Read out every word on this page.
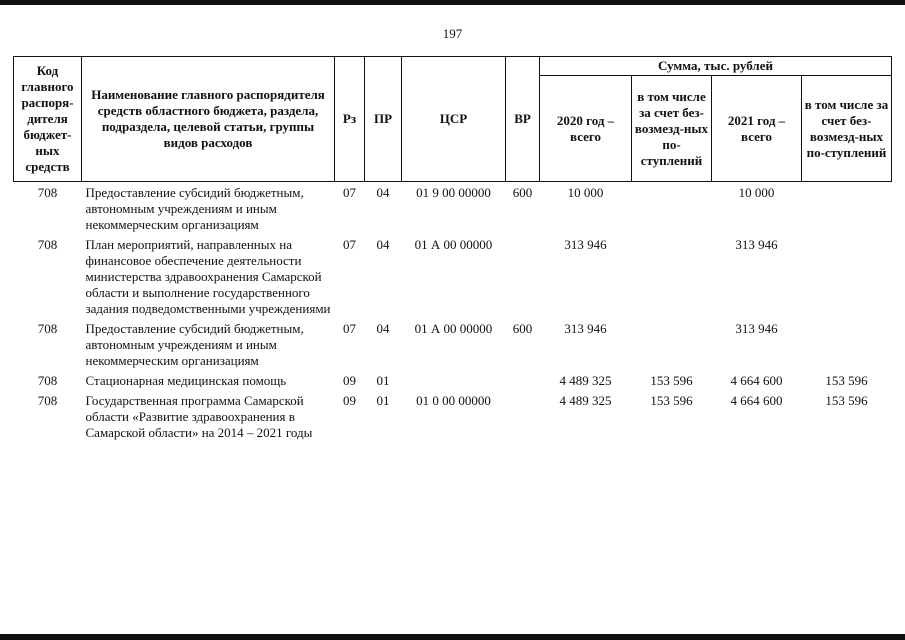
197
Код главного распоря-дителя бюджет-ных средств	Наименование главного распорядителя средств областного бюджета, раздела, подраздела, целевой статьи, группы видов расходов	Рз	ПР	ЦСР	ВР	Сумма, тыс. рублей			
						2020 год – всего	в том числе за счет без-возмезд-ных по-ступлений	2021 год – всего	в том числе за счет без-возмезд-ных по-ступлений
708	Предоставление субсидий бюджетным, автономным учреждениям и иным некоммерческим организациям	07	04	01 9 00 00000	600	10 000		10 000	
708	План мероприятий, направленных на финансовое обеспечение деятельности министерства здравоохранения Самарской области и выполнение государственного задания подведомственными учреждениями	07	04	01 А 00 00000		313 946		313 946	
708	Предоставление субсидий бюджетным, автономным учреждениям и иным некоммерческим организациям	07	04	01 А 00 00000	600	313 946		313 946	
708	Стационарная медицинская помощь	09	01			4 489 325	153 596	4 664 600	153 596
708	Государственная программа Самарской области «Развитие здравоохранения в Самарской области» на 2014 – 2021 годы	09	01	01 0 00 00000		4 489 325	153 596	4 664 600	153 596
